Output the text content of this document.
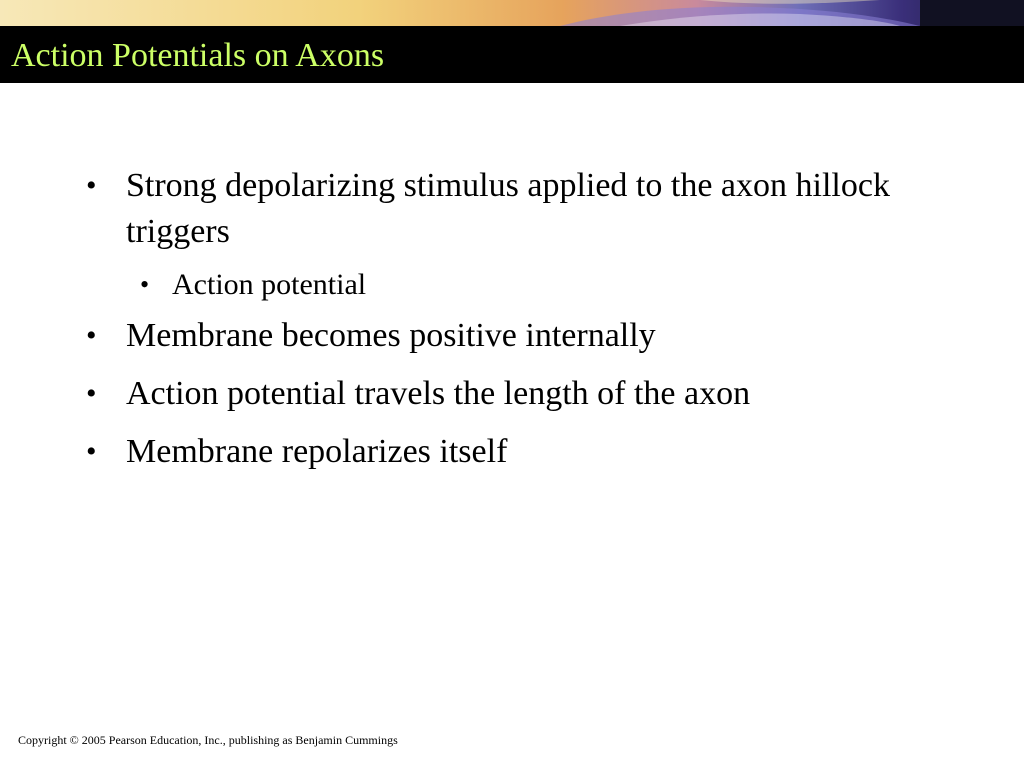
Action Potentials on Axons
• Strong depolarizing stimulus applied to the axon hillock triggers
• Action potential
• Membrane becomes positive internally
• Action potential travels the length of the axon
• Membrane repolarizes itself
Copyright © 2005 Pearson Education, Inc., publishing as Benjamin Cummings
